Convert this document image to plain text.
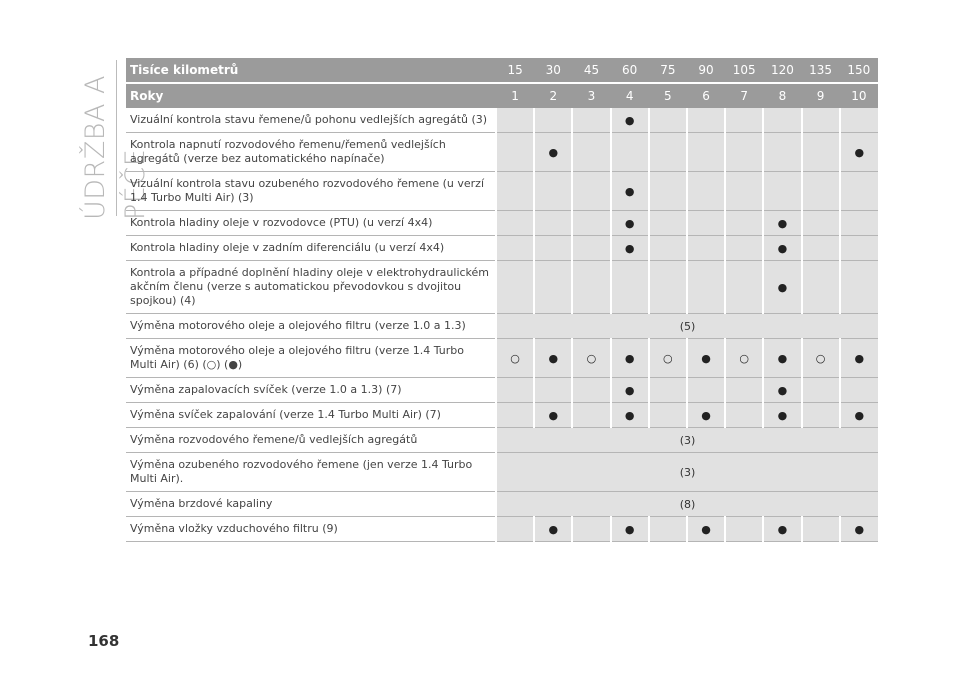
ÚDRŽBA A PÉČE
Tisíce kilometrů	15	30	45	60	75	90	105	120	135	150
Roky	1	2	3	4	5	6	7	8	9	10
Vizuální kontrola stavu řemene/ů pohonu vedlejších agregátů (3)				●						
Kontrola napnutí rozvodového řemenu/řemenů vedlejších agregátů (verze bez automatického napínače)		●								●
Vizuální kontrola stavu ozubeného rozvodového řemene (u verzí 1.4 Turbo Multi Air) (3)				●						
Kontrola hladiny oleje v rozvodovce (PTU) (u verzí 4x4)				●				●		
Kontrola hladiny oleje v zadním diferenciálu (u verzí 4x4)				●				●		
Kontrola a případné doplnění hladiny oleje v elektrohydraulickém akčním členu (verze s automatickou převodovkou s dvojitou spojkou) (4)								●		
Výměna motorového oleje a olejového filtru (verze 1.0 a 1.3)	(5)									
Výměna motorového oleje a olejového filtru (verze 1.4 Turbo Multi Air) (6) (○) (●)	○	●	○	●	○	●	○	●	○	●
Výměna zapalovacích svíček (verze 1.0 a 1.3) (7)				●				●		
Výměna svíček zapalování (verze 1.4 Turbo Multi Air) (7)		●		●		●		●		●
Výměna rozvodového řemene/ů vedlejších agregátů	(3)									
Výměna ozubeného rozvodového řemene (jen verze 1.4 Turbo Multi Air).	(3)									
Výměna brzdové kapaliny	(8)									
Výměna vložky vzduchového filtru (9)		●		●		●		●		●
168
